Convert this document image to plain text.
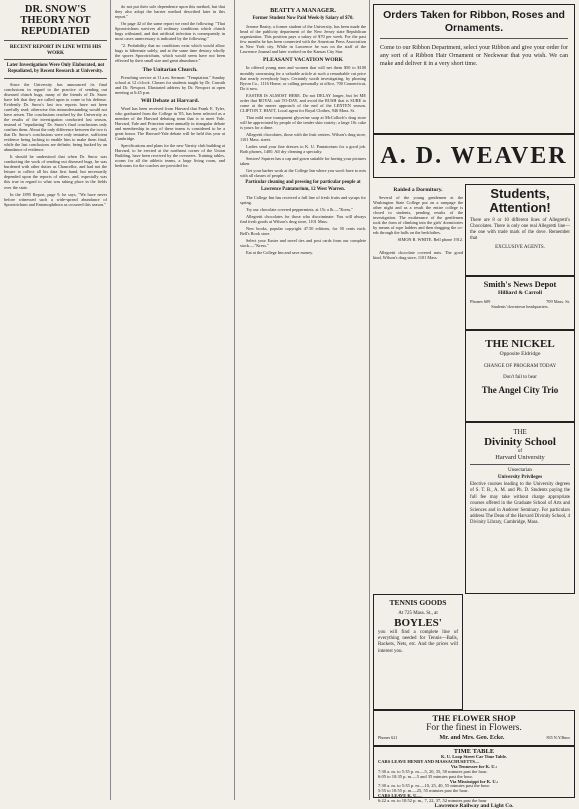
DR. SNOW'S THEORY NOT REPUDIATED
RECENT REPORT IN LINE WITH HIS WORK
Later Investigations Were Only Elaborated, not Repudiated, by Recent Research at University.

Since the University has announced its final conclusions in regard to the practice of sending out diseased chinch bugs, many of the friends of Dr. Snow have felt that they are called upon to come to his defense. Evidently Dr. Snow's last two reports have not been carefully read; otherwise this misunderstanding would not have arisen. The conclusions reached by the University as the results of the investigation conducted last season, instead of "repudiating" Dr. Snow's final conclusions only confirm them. About the only difference between the two is that Dr. Snow's conclusions were only tentative, sufficient evidence being lacking to enable him to make them final, while the last conclusions are definite, being backed by an abundance of evidence.

It should be understood that when Dr. Snow was conducting the work of sending out diseased bugs, he was burdened with other duties as Chancellor, and had not the leisure to collect all his data first hand, but necessarily depended upon the reports of others, and, especially was this true in regard to what was taking place in the fields over the state.

In the 1895 Report, page 9, he says, "We have never before witnessed such a wide-spread abundance of Sporotrichum and Entomophthora as occurred this season."

do not put their sole dependence upon this method, but that they also adopt the barrier method described later in this report."

On page 42 of the same report we read the following: "That Sporotrichum survives all ordinary conditions which chinch bugs withstand, and that artificial infection is consequently in most cases unnecessary is indicated by the following:"

"2. Probability that no conditions exist which would allow bugs to hibernate safely, and at the same time destroy wholly the spores Sporotrichum, which would seem have not been effected by their small size and great abundance."

The Unitarian Church.

Preaching service at 11 a.m. Sermon: "Temptation." Sunday school at 12 o'clock. Classes for students taught by Dr. Carruth and Dr. Newport. Illustrated address by Dr. Newport at open meeting at 6:45 p.m.

Will Debate at Harvard.

Word has been received from Harvard that Frank E. Tyler, who graduated from the College in '05, has been selected as a member of the Harvard debating team that is to meet Yale. Harvard, Yale and Princeton meet annually in triangular debate and membership in any of these teams is considered to be a great honor. The Harvard-Yale debate will be held this year at Cambridge.

Specifications and plans for the new Varsity club building at Harvard, to be erected at the northeast corner of the Union Building, have been received by the overseers. Training tables, rooms for all the athletic teams, a large living room, and bedrooms for the coaches are provided for.

BEATTY A MANAGER.
Former Student Now Paid Week-ly Salary of $70.

Jerome Beatty, a former student of the University, has been made the head of the publicity department of the New Jersey state Republican organization. This position pays a salary of $70 per week. For the past few months he has been connected with the American Press Association in New York city. While in Lawrence he was on the staff of the Lawrence Journal and later worked on the Kansas City Star.

PLEASANT VACATION WORK

In offered young men and women that will net them $50 to $100 monthly canvassing for a valuable article at such a remarkable cut price that nearly everybody buys. Certainly worth investigating, by phoning Byron Co., 1116 Home, or calling personally at office, 700 Connecticut, Do it now.

EASTER IS ALMOST HERE. Do not DELAY longer, but let ME order that ROYAL suit TO-DAY, and avoid the RUSH that is SURE to come at the nearer approach of the end of the LENTEN season. CLIFTON T. HIATT, Local agent for Royal Clothes, 946 Mass. St.

That mild rose transparent glycerine soap at McColloch's drug store will be appreciated by people of the tender skin variety; a large 10c cake is yours for a dime.

Allegretti chocolates, those with the fruit centers. Wilson's drug store, 1101 Mass. street.

Ladies send your fine dresses to K. U. Pantatorium for a good job. Both phones, 1400. All dry cleaning a specialty.

Seniors! Squires has a cap and gown suitable for having your pictures taken.

Get your barber work at the College Inn where you won't have to mix with all classes of people.

Particular cleaning and pressing for particular people at Lawrence Pantatorium, 12 West Warren.

The College Inn has received a full line of fresh fruits and syrups for spring.

Try our chocolate covered peppermints, at 15c a lb.—"Kress."

Allegretti chocolates for those who discriminate. You will always find fresh goods at Wilson's drug store, 1101 Mass.

New books, popular copyright 47.50 editions, for 50 cents each. Bell's Book store.

Select your Easter and novel ties and post cards from our complete stock.—"Kress."

Eat at the College Inn and save money.

Orders Taken for Ribbon, Roses and Ornaments.
Come to our Ribbon Department, select your Ribbon and give your order for any sort of a Ribbon Hair Ornament or Neckwear that you wish. We can make and deliver it in a very short time.
A. D. WEAVER
Raided a Dormitory.

Several of the young gentlemen at the Washington State College put on a rampage the other night and as a result the entire college is closed to students, pending results of the investigation. The exuberance of the gentlemen took the form of climbing into the girls' dormitories by means of rope ladders and then dragging the co-eds through the halls on the bedclothes.

SIMON R. WHITE. Bell phone 1912.

Allegretti chocolate covered nuts. The good kind, Wilson's drug store, 1101 Mass.

Students, Attention!
There are 8 or 10 different lines of Allegretti's Chocolates. There is only one real Allegretti line—the one with trade mark of the dove. Remember that
EXCLUSIVE AGENTS.
Smith's News Depot
Hilliard & Carroll
Phones 609	709 Mass. St.
Students' downtown headquarters.
THE NICKEL
Opposite Eldridge
CHANGE OF PROGRAM TODAY
Don't fail to hear
The Angel City Trio
THE
Divinity School
of
Harvard University
Unsectarian
University Privileges
Elective courses leading to the University degrees of S. T. B., A. M. and Ph. D. Students paying the full fee may take without charge appropriate courses offered in the Graduate School of Arts and Sciences and in Andover Seminary. For particulars address The Dean of the Harvard Divinity School, 4 Divinity Library, Cambridge, Mass.
TENNIS GOODS
At 725 Mass. St., at
BOYLES'
you will find a complete line of everything needed for Tennis—Balls, Rackets, Nets, etc. And the prices will interest you.
THE FLOWER SHOP
For the finest in Flowers.
Phones 621	Mr. and Mrs. Geo. Ecke.	835 N.Y.Bnos
TIME TABLE
K. U. Loop Street Car Time Table.
CARS LEAVE HENRY AND MASSACHUSETTS—
Via Tennessee for K. U.:
7:30 a. m. to 5:35 p. m.—5, 20, 35, 50 minutes past the hour.
6:05 to 10:35 p. m.—5 and 35 minutes past the hour.
Via Mississippi for K. U.:
7:30 a. m. to 5:35 p. m.—10, 25, 40, 55 minutes past the hour.
5:55 to 10:55 p. m.—25, 55 minutes past the hour.
CARS LEAVE K. U.—
6:22 a. m. to 10:52 p. m., 7, 22, 37, 52 minutes past the hour
Lawrence Railway and Light Co.
